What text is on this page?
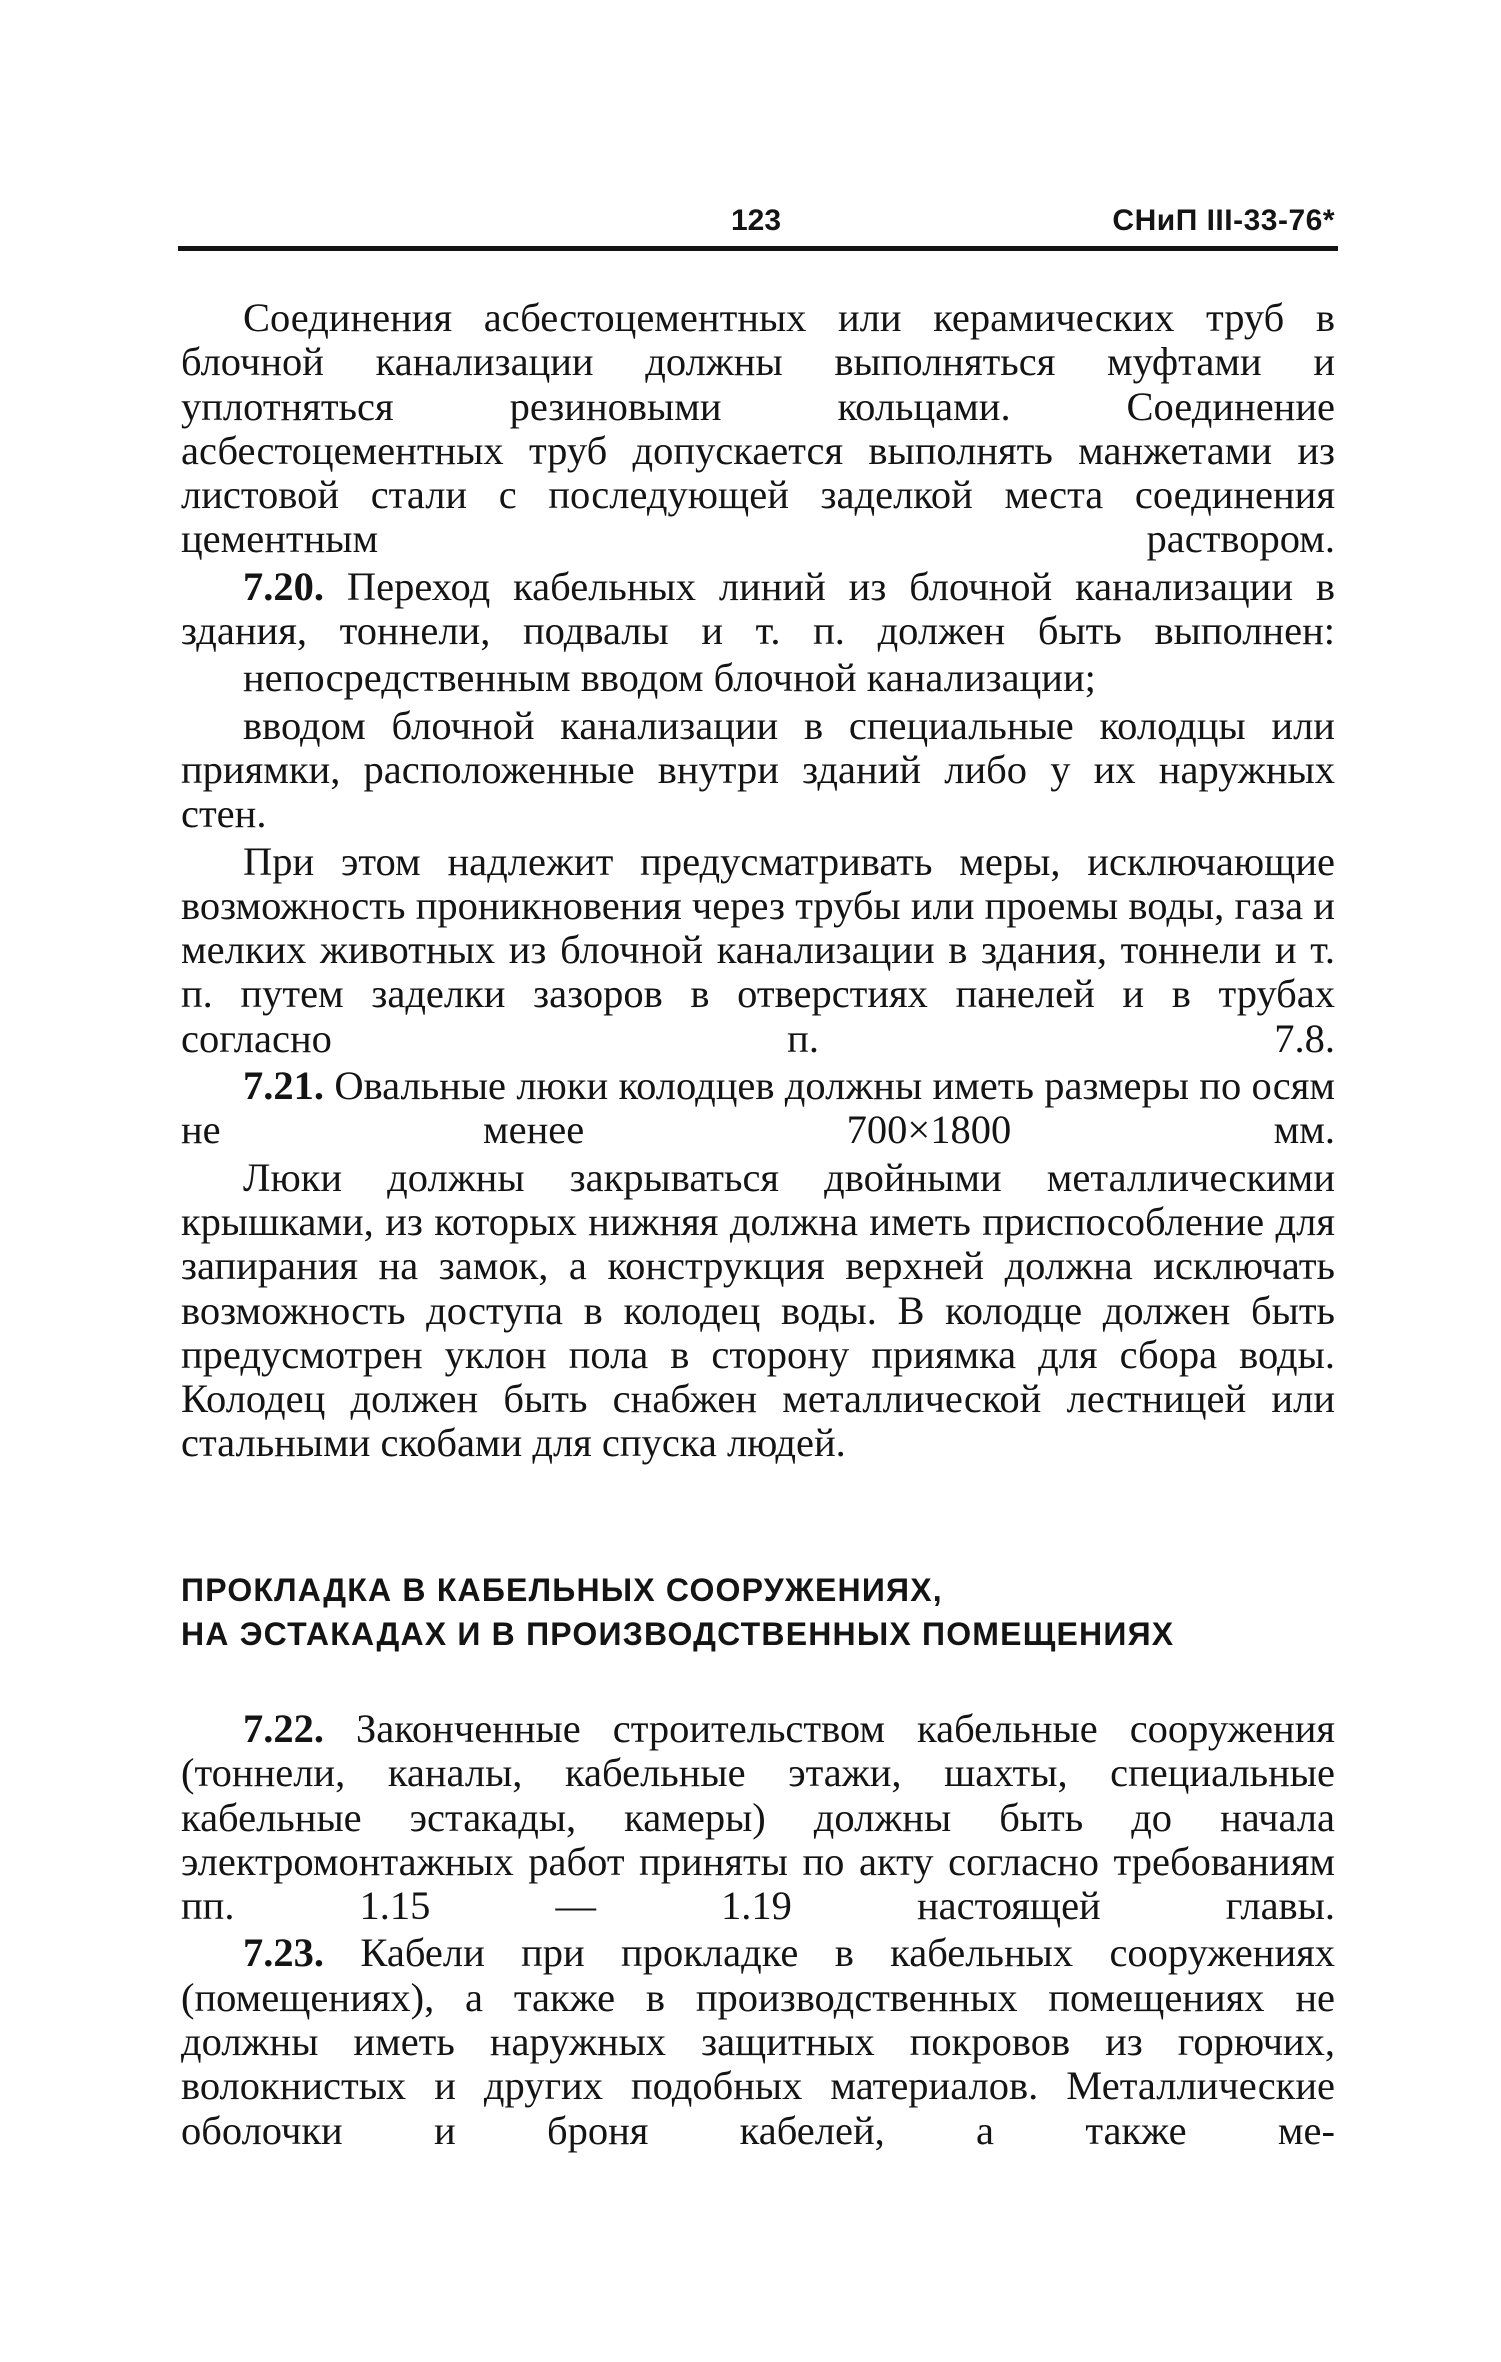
123	СНиП III-33-76*

Соединения асбестоцементных или керамических труб в блочной канализации должны выполняться муфтами и уплотняться резиновыми кольцами. Соединение асбестоцементных труб допускается выполнять манжетами из листовой стали с последующей заделкой места соединения цементным раствором.

7.20. Переход кабельных линий из блочной канализации в здания, тоннели, подвалы и т. п. должен быть выполнен:

непосредственным вводом блочной канализации;

вводом блочной канализации в специальные колодцы или приямки, расположенные внутри зданий либо у их наружных стен.

При этом надлежит предусматривать меры, исключающие возможность проникновения через трубы или проемы воды, газа и мелких животных из блочной канализации в здания, тоннели и т. п. путем заделки зазоров в отверстиях панелей и в трубах согласно п. 7.8.

7.21. Овальные люки колодцев должны иметь размеры по осям не менее 700×1800 мм.

Люки должны закрываться двойными металлическими крышками, из которых нижняя должна иметь приспособление для запирания на замок, а конструкция верхней должна исключать возможность доступа в колодец воды. В колодце должен быть предусмотрен уклон пола в сторону приямка для сбора воды. Колодец должен быть снабжен металлической лестницей или стальными скобами для спуска людей.

ПРОКЛАДКА В КАБЕЛЬНЫХ СООРУЖЕНИЯХ,
НА ЭСТАКАДАХ И В ПРОИЗВОДСТВЕННЫХ ПОМЕЩЕНИЯХ

7.22. Законченные строительством кабельные сооружения (тоннели, каналы, кабельные этажи, шахты, специальные кабельные эстакады, камеры) должны быть до начала электромонтажных работ приняты по акту согласно требованиям пп. 1.15 — 1.19 настоящей главы.

7.23. Кабели при прокладке в кабельных сооружениях (помещениях), а также в производственных помещениях не должны иметь наружных защитных покровов из горючих, волокнистых и других подобных материалов. Металлические оболочки и броня кабелей, а также ме-
